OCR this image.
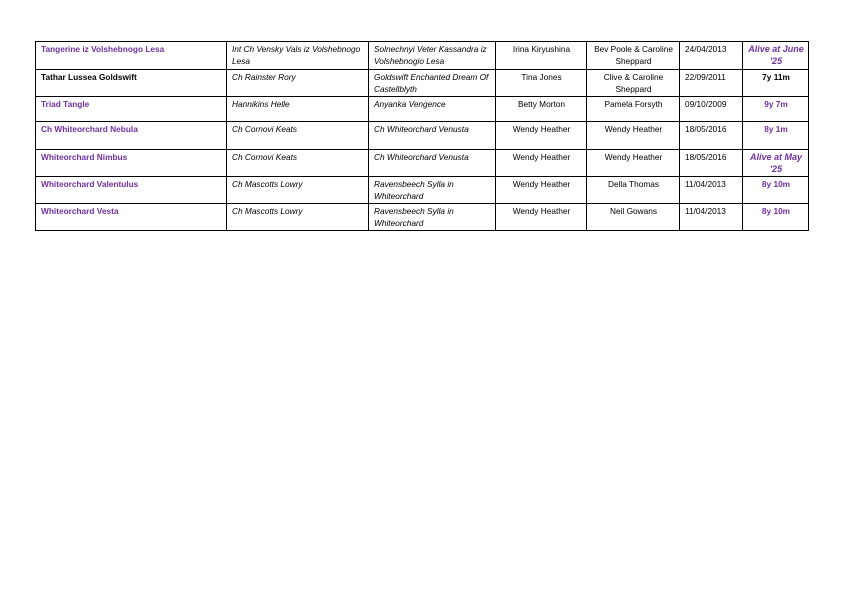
Tangerine iz Volshebnogo Lesa	Int Ch Vensky Vals iz Volshebnogo Lesa	Solnechnyi Veter Kassandra iz Volshebnogio Lesa	Irina Kiryushina	Bev Poole & Caroline Sheppard	24/04/2013	Alive at June '25
Tathar Lussea Goldswift	Ch Rainster Rory	Goldswift Enchanted Dream Of Castellblyth	Tina Jones	Clive & Caroline Sheppard	22/09/2011	7y 11m
Triad Tangle	Hannikins Helle	Anyanka Vengence	Betty Morton	Pamela Forsyth	09/10/2009	9y 7m
Ch Whiteorchard Nebula	Ch Cornovi Keats	Ch Whiteorchard Venusta	Wendy Heather	Wendy Heather	18/05/2016	8y 1m
Whiteorchard Nimbus	Ch Cornovi Keats	Ch Whiteorchard Venusta	Wendy Heather	Wendy Heather	18/05/2016	Alive at May '25
Whiteorchard Valentulus	Ch Mascotts Lowry	Ravensbeech Sylla in Whiteorchard	Wendy Heather	Della Thomas	11/04/2013	8y 10m
Whiteorchard Vesta	Ch Mascotts Lowry	Ravensbeech Sylla in Whiteorchard	Wendy Heather	Neil Gowans	11/04/2013	8y 10m
